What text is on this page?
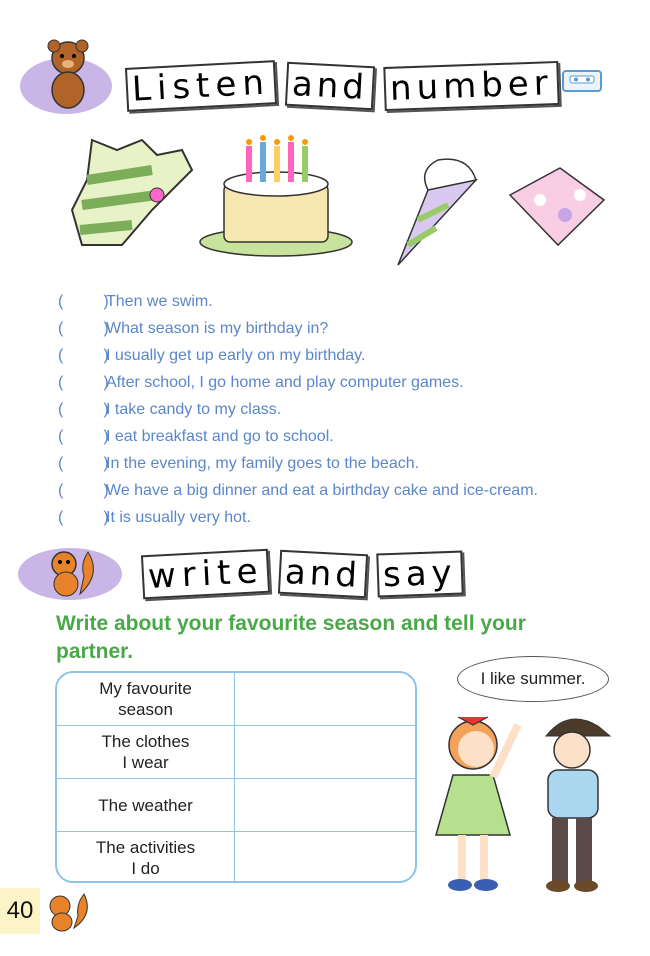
Listen and number
(         )
Then we swim.
(         )
What season is my birthday in?
(         )
I usually get up early on my birthday.
(         )
After school, I go home and play computer games.
(         )
I take candy to my class.
(         )
I eat breakfast and go to school.
(         )
In the evening, my family goes to the beach.
(         )
We have a big dinner and eat a birthday cake and ice-cream.
(         )
It is usually very hot.
write and say
Write about your favourite season and tell your partner.
My favourite
season
The clothes
I wear
The weather
The activities
I do
I like summer.
40
